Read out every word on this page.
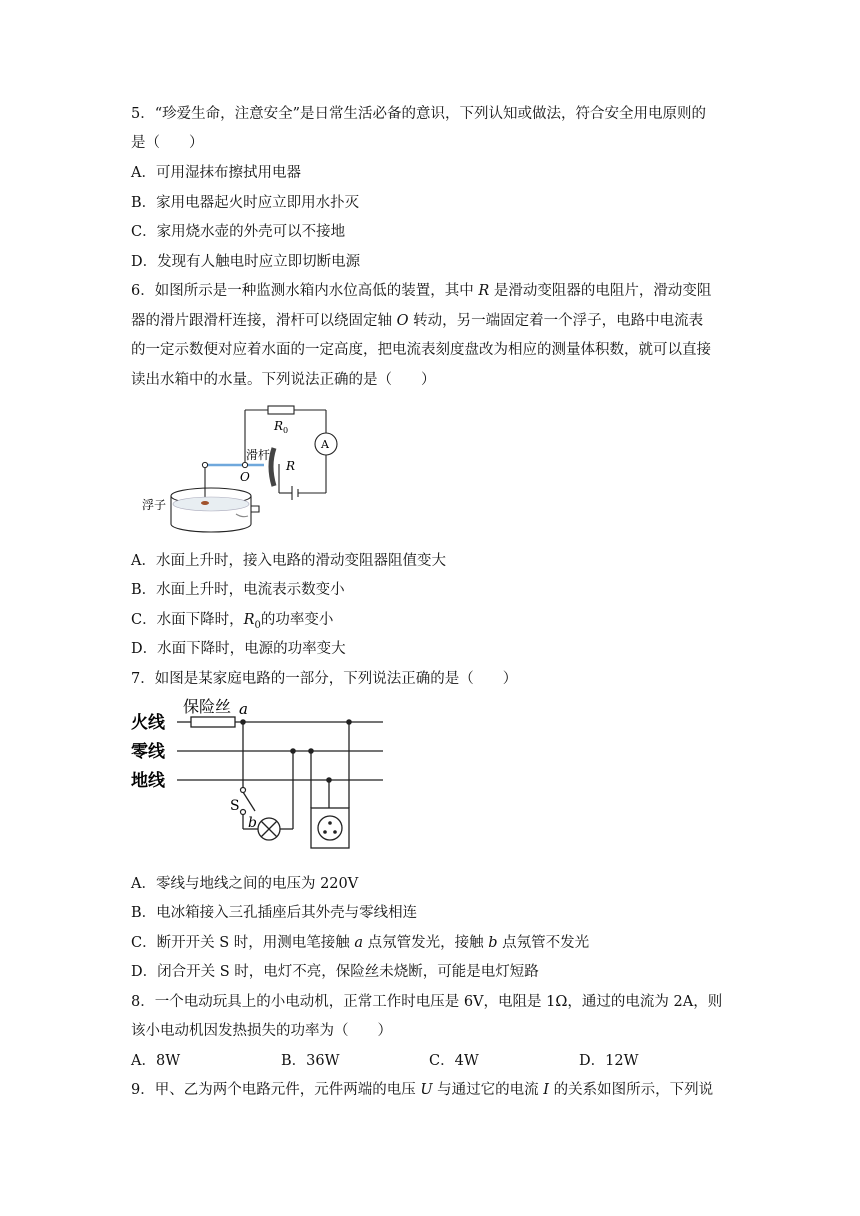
5．“珍爱生命，注意安全”是日常生活必备的意识，下列认知或做法，符合安全用电原则的
是（　　）
A．可用湿抹布擦拭用电器
B．家用电器起火时应立即用水扑灭
C．家用烧水壶的外壳可以不接地
D．发现有人触电时应立即切断电源
6．如图所示是一种监测水箱内水位高低的装置，其中 R 是滑动变阻器的电阻片，滑动变阻
器的滑片跟滑杆连接，滑杆可以绕固定轴 O 转动，另一端固定着一个浮子，电路中电流表
的一定示数便对应着水面的一定高度，把电流表刻度盘改为相应的测量体积数，就可以直接
读出水箱中的水量。下列说法正确的是（　　）
$R_0$
A
滑杆
O
R
浮子
A．水面上升时，接入电路的滑动变阻器阻值变大
B．水面上升时，电流表示数变小
C．水面下降时，$R_0$的功率变小
D．水面下降时，电源的功率变大
7．如图是某家庭电路的一部分，下列说法正确的是（　　）
火线
零线
地线
保险丝 a
b
S
A．零线与地线之间的电压为 220V
B．电冰箱接入三孔插座后其外壳与零线相连
C．断开开关 S 时，用测电笔接触 a 点氖管发光，接触 b 点氖管不发光
D．闭合开关 S 时，电灯不亮，保险丝未烧断，可能是电灯短路
8．一个电动玩具上的小电动机，正常工作时电压是 6V，电阻是 1Ω，通过的电流为 2A，则
该小电动机因发热损失的功率为（　　）
A．8W	B．36W	C．4W	D．12W
9．甲、乙为两个电路元件，元件两端的电压 U 与通过它的电流 I 的关系如图所示，下列说
